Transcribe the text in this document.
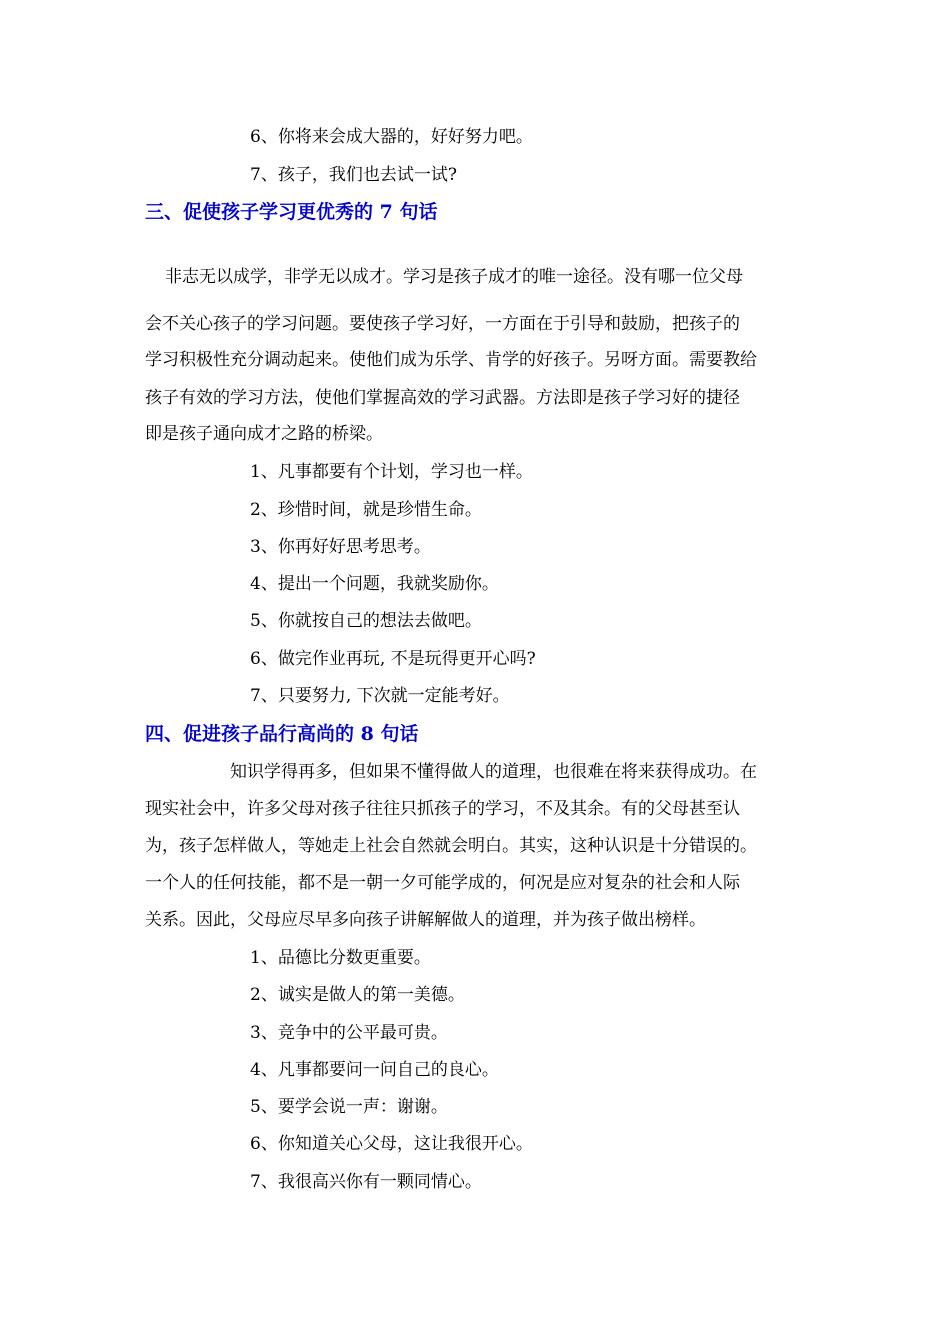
6、你将来会成大器的，好好努力吧。
7、孩子，我们也去试一试?
三、促使孩子学习更优秀的 7 句话
非志无以成学，非学无以成才。学习是孩子成才的唯一途径。没有哪一位父母
会不关心孩子的学习问题。要使孩子学习好，一方面在于引导和鼓励，把孩子的
学习积极性充分调动起来。使他们成为乐学、肯学的好孩子。另呀方面。需要教给
孩子有效的学习方法，使他们掌握高效的学习武器。方法即是孩子学习好的捷径
即是孩子通向成才之路的桥梁。
1、凡事都要有个计划，学习也一样。
2、珍惜时间，就是珍惜生命。
3、你再好好思考思考。
4、提出一个问题，我就奖励你。
5、你就按自己的想法去做吧。
6、做完作业再玩, 不是玩得更开心吗?
7、只要努力, 下次就一定能考好。
四、促进孩子品行高尚的 8 句话
知识学得再多，但如果不懂得做人的道理，也很难在将来获得成功。在
现实社会中，许多父母对孩子往往只抓孩子的学习，不及其余。有的父母甚至认
为，孩子怎样做人，等她走上社会自然就会明白。其实，这种认识是十分错误的。
一个人的任何技能，都不是一朝一夕可能学成的，何况是应对复杂的社会和人际
关系。因此，父母应尽早多向孩子讲解解做人的道理，并为孩子做出榜样。
1、品德比分数更重要。
2、诚实是做人的第一美德。
3、竞争中的公平最可贵。
4、凡事都要问一问自己的良心。
5、要学会说一声：谢谢。
6、你知道关心父母，这让我很开心。
7、我很高兴你有一颗同情心。
